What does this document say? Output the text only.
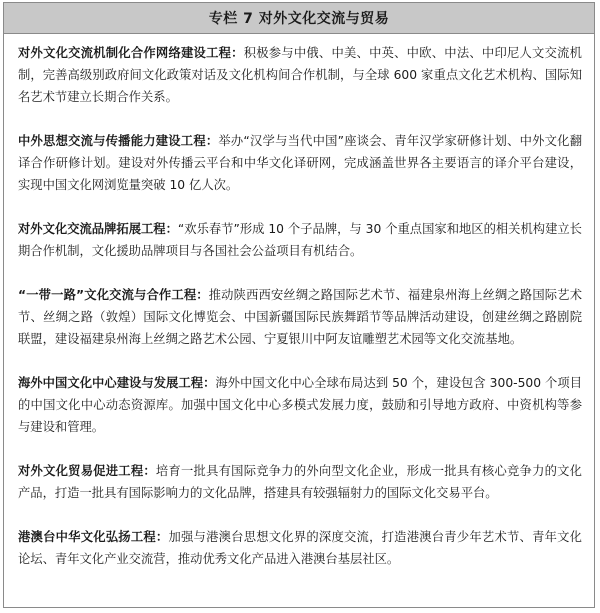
专栏 7 对外文化交流与贸易

对外文化交流机制化合作网络建设工程：积极参与中俄、中美、中英、中欧、中法、中印尼人文交流机制，完善高级别政府间文化政策对话及文化机构间合作机制，与全球 600 家重点文化艺术机构、国际知名艺术节建立长期合作关系。

中外思想交流与传播能力建设工程：举办“汉学与当代中国”座谈会、青年汉学家研修计划、中外文化翻译合作研修计划。建设对外传播云平台和中华文化译研网，完成涵盖世界各主要语言的译介平台建设，实现中国文化网浏览量突破 10 亿人次。

对外文化交流品牌拓展工程：“欢乐春节”形成 10 个子品牌，与 30 个重点国家和地区的相关机构建立长期合作机制，文化援助品牌项目与各国社会公益项目有机结合。

“一带一路”文化交流与合作工程：推动陕西西安丝绸之路国际艺术节、福建泉州海上丝绸之路国际艺术节、丝绸之路（敦煌）国际文化博览会、中国新疆国际民族舞蹈节等品牌活动建设，创建丝绸之路剧院联盟，建设福建泉州海上丝绸之路艺术公园、宁夏银川中阿友谊雕塑艺术园等文化交流基地。

海外中国文化中心建设与发展工程：海外中国文化中心全球布局达到 50 个，建设包含 300-500 个项目的中国文化中心动态资源库。加强中国文化中心多模式发展力度，鼓励和引导地方政府、中资机构等参与建设和管理。

对外文化贸易促进工程：培育一批具有国际竞争力的外向型文化企业，形成一批具有核心竞争力的文化产品，打造一批具有国际影响力的文化品牌，搭建具有较强辐射力的国际文化交易平台。

港澳台中华文化弘扬工程：加强与港澳台思想文化界的深度交流，打造港澳台青少年艺术节、青年文化论坛、青年文化产业交流营，推动优秀文化产品进入港澳台基层社区。
